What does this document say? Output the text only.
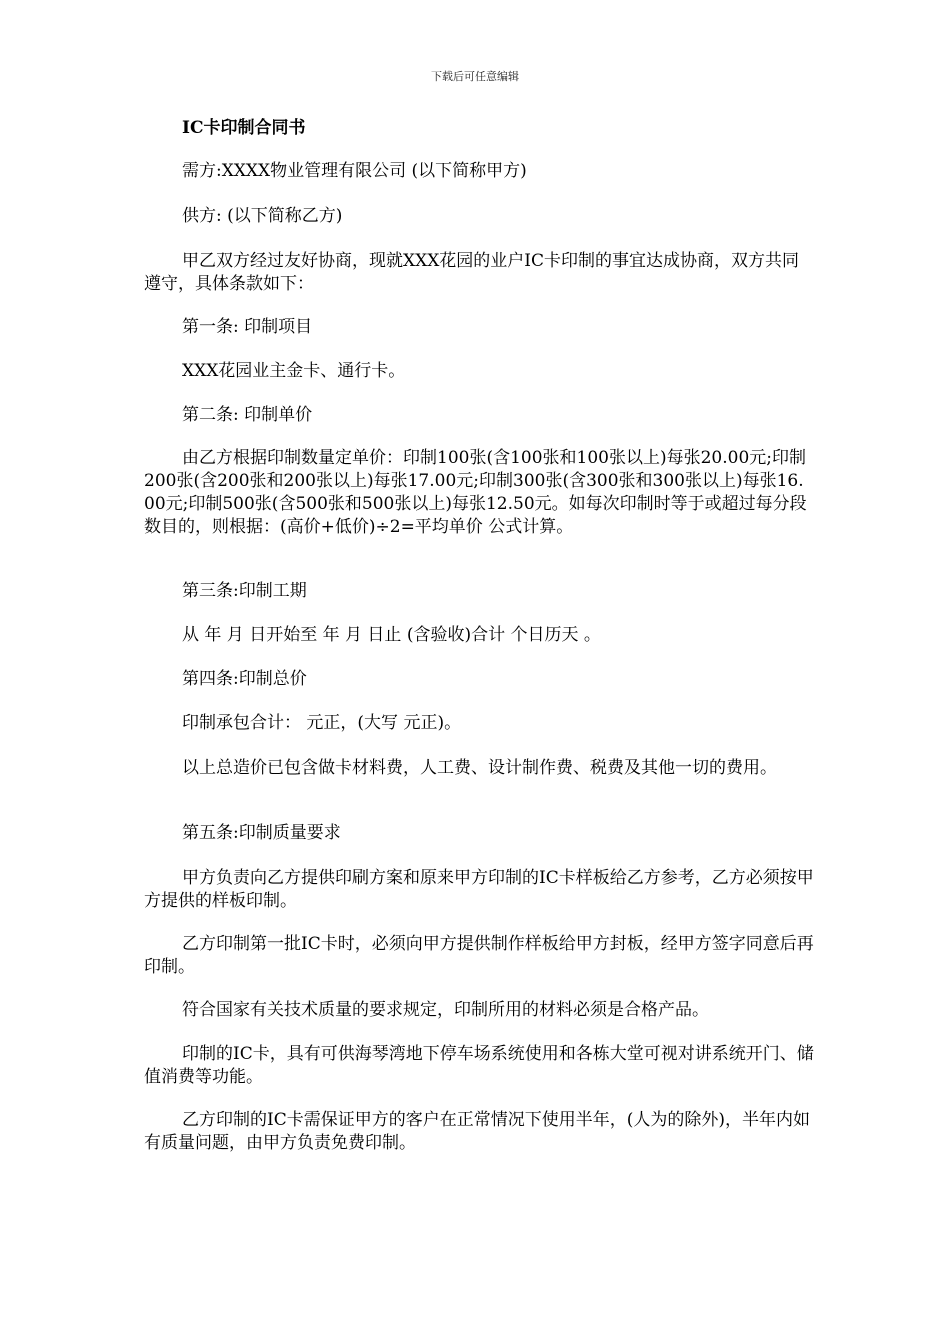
下载后可任意编辑
IC卡印制合同书
需方:XXXX物业管理有限公司 (以下简称甲方)
供方: (以下简称乙方)
甲乙双方经过友好协商，现就XXX花园的业户IC卡印制的事宜达成协商，双方共同遵守，具体条款如下：
第一条: 印制项目
XXX花园业主金卡、通行卡。
第二条: 印制单价
由乙方根据印制数量定单价：印制100张(含100张和100张以上)每张20.00元;印制200张(含200张和200张以上)每张17.00元;印制300张(含300张和300张以上)每张16.00元;印制500张(含500张和500张以上)每张12.50元。如每次印制时等于或超过每分段数目的，则根据：(高价+低价)÷2=平均单价 公式计算。
第三条:印制工期
从 年 月 日开始至 年 月 日止 (含验收)合计 个日历天 。
第四条:印制总价
印制承包合计： 元正，(大写 元正)。
以上总造价已包含做卡材料费，人工费、设计制作费、税费及其他一切的费用。
第五条:印制质量要求
甲方负责向乙方提供印刷方案和原来甲方印制的IC卡样板给乙方参考，乙方必须按甲方提供的样板印制。
乙方印制第一批IC卡时，必须向甲方提供制作样板给甲方封板，经甲方签字同意后再印制。
符合国家有关技术质量的要求规定，印制所用的材料必须是合格产品。
印制的IC卡，具有可供海琴湾地下停车场系统使用和各栋大堂可视对讲系统开门、储值消费等功能。
乙方印制的IC卡需保证甲方的客户在正常情况下使用半年，(人为的除外)，半年内如有质量问题，由甲方负责免费印制。
